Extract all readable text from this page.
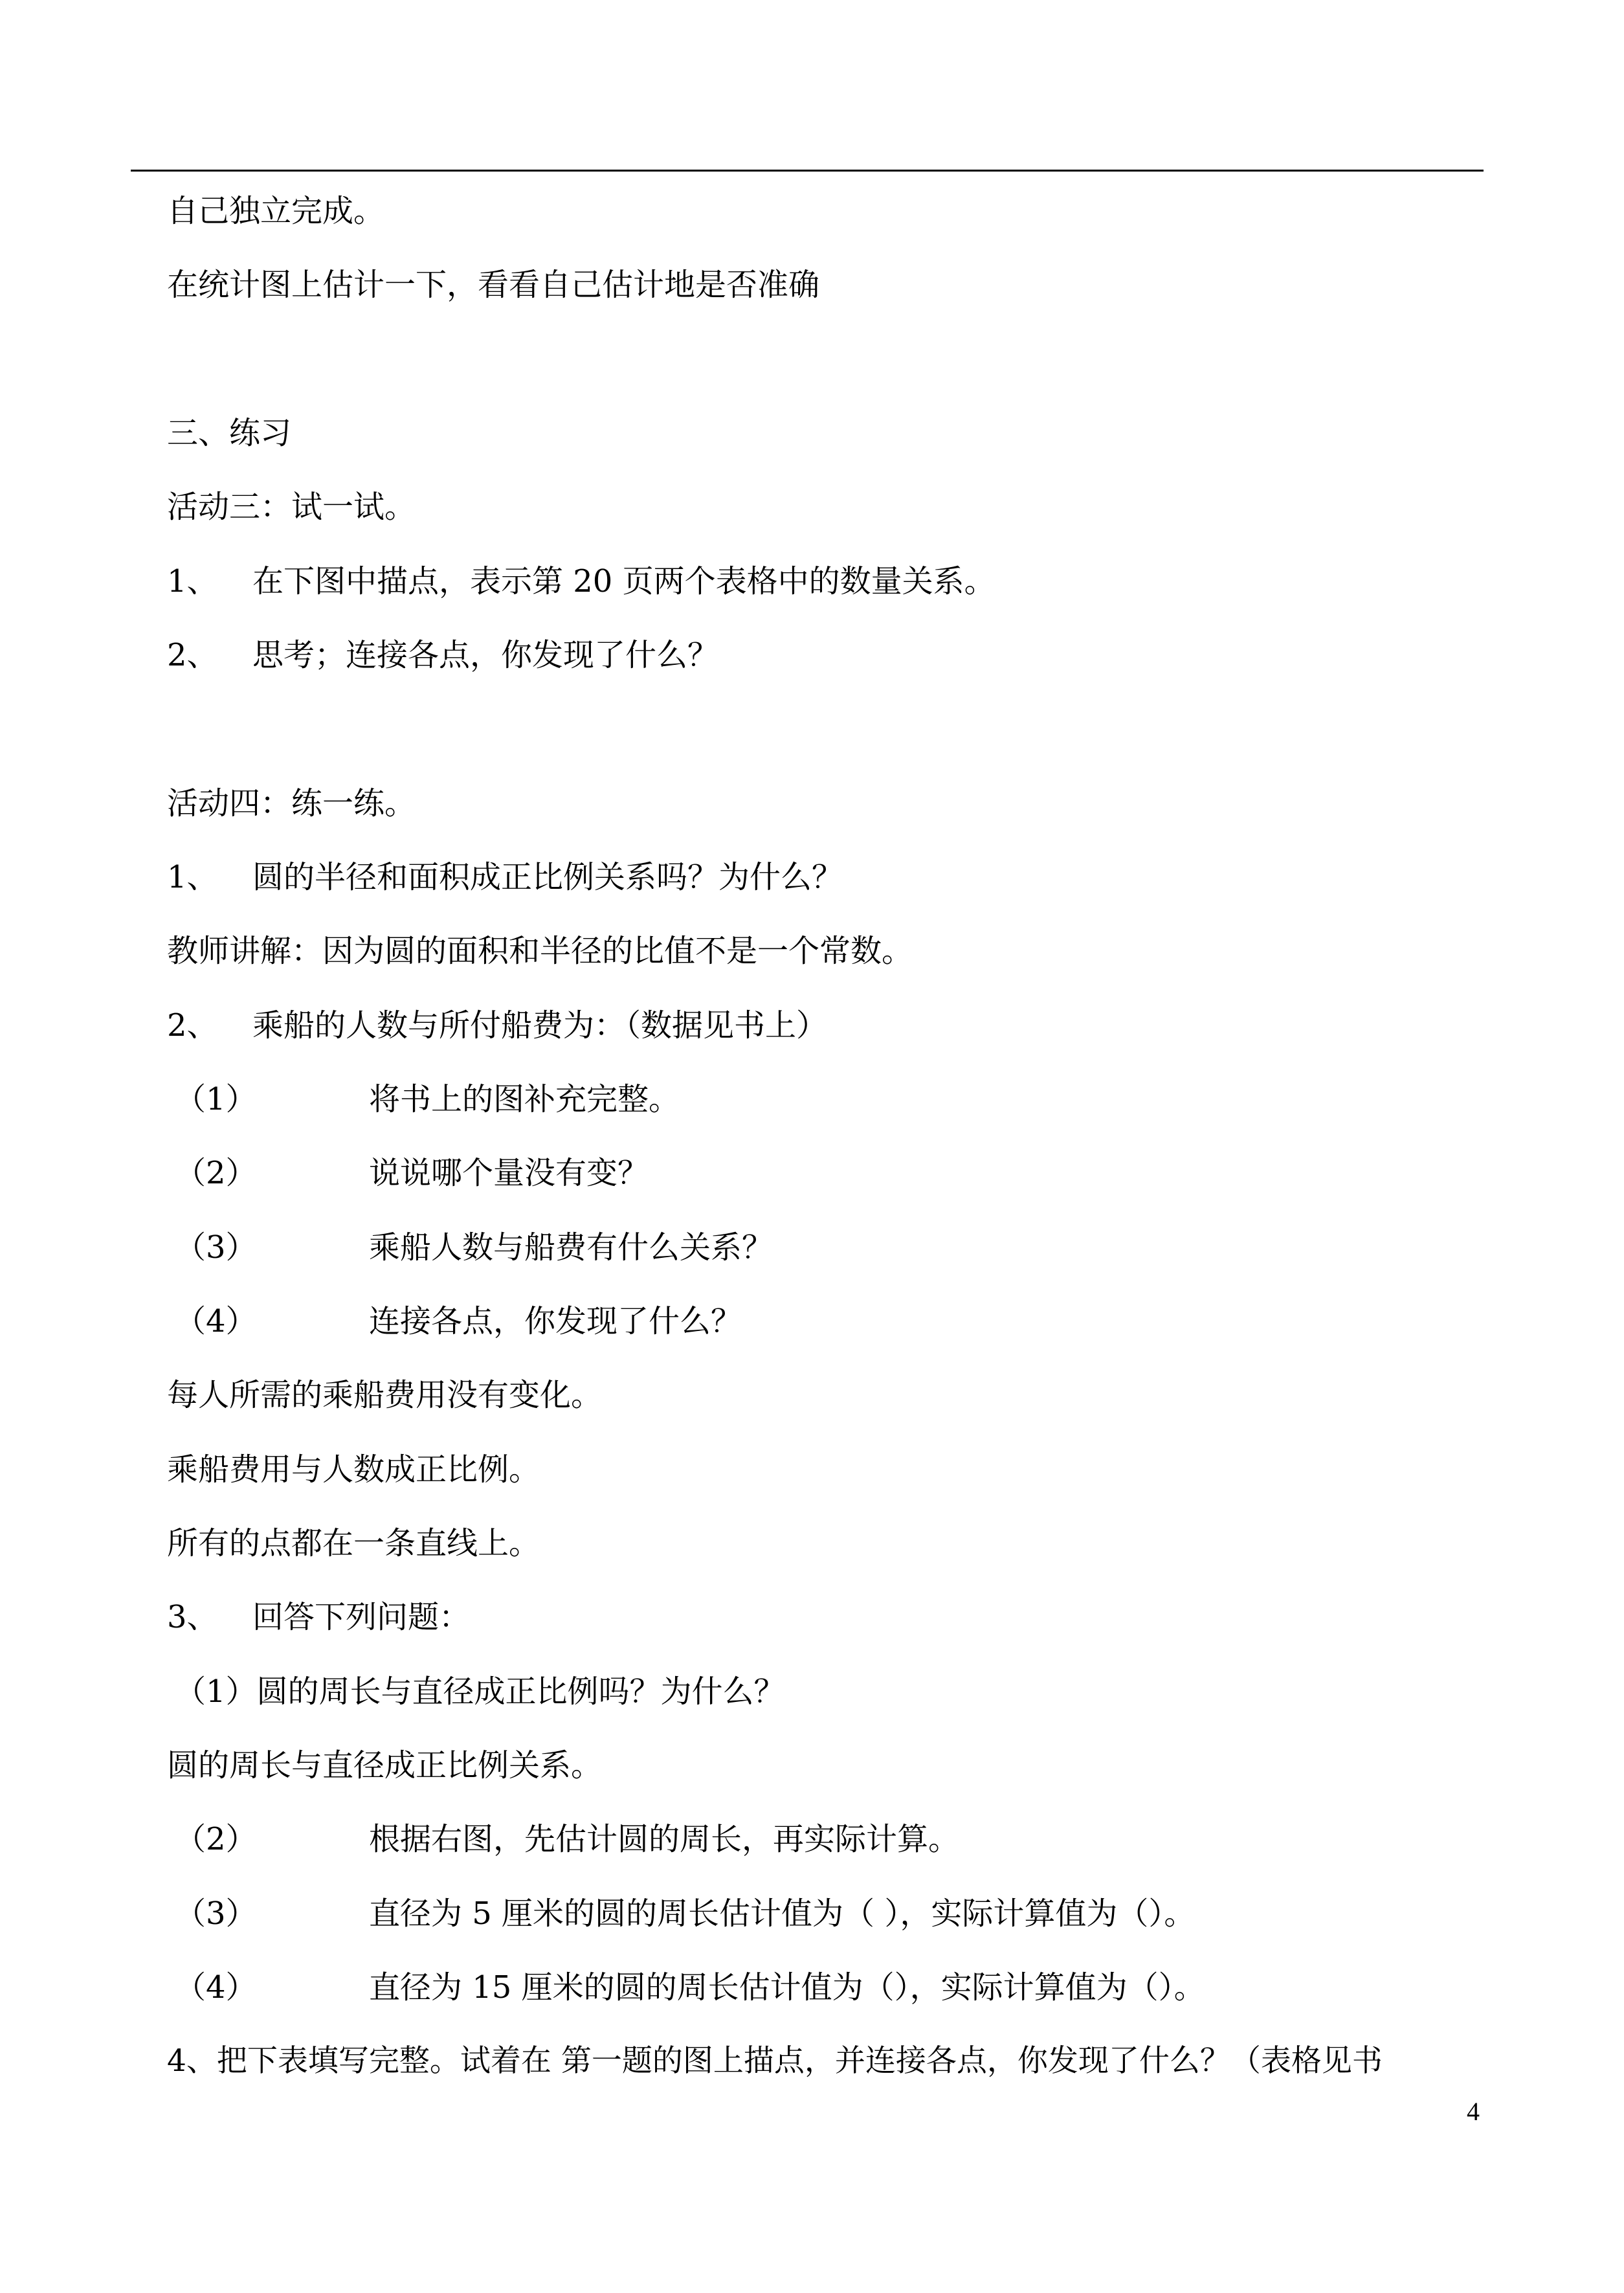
自己独立完成。
在统计图上估计一下，看看自己估计地是否准确
三、练习
活动三：试一试。
1、 在下图中描点，表示第 20 页两个表格中的数量关系。
2、 思考；连接各点，你发现了什么？
活动四：练一练。
1、 圆的半径和面积成正比例关系吗？为什么？
教师讲解：因为圆的面积和半径的比值不是一个常数。
2、 乘船的人数与所付船费为：（数据见书上）
（1）	将书上的图补充完整。
（2）	说说哪个量没有变？
（3）	乘船人数与船费有什么关系？
（4）	连接各点，你发现了什么？
每人所需的乘船费用没有变化。
乘船费用与人数成正比例。
所有的点都在一条直线上。
3、 回答下列问题：
（1）圆的周长与直径成正比例吗？为什么？
圆的周长与直径成正比例关系。
（2）	根据右图，先估计圆的周长，再实际计算。
（3）	直径为 5 厘米的圆的周长估计值为（ ），实际计算值为（）。
（4）	直径为 15 厘米的圆的周长估计值为（），实际计算值为（）。
4、把下表填写完整。试着在 第一题的图上描点，并连接各点，你发现了什么？（表格见书
4
